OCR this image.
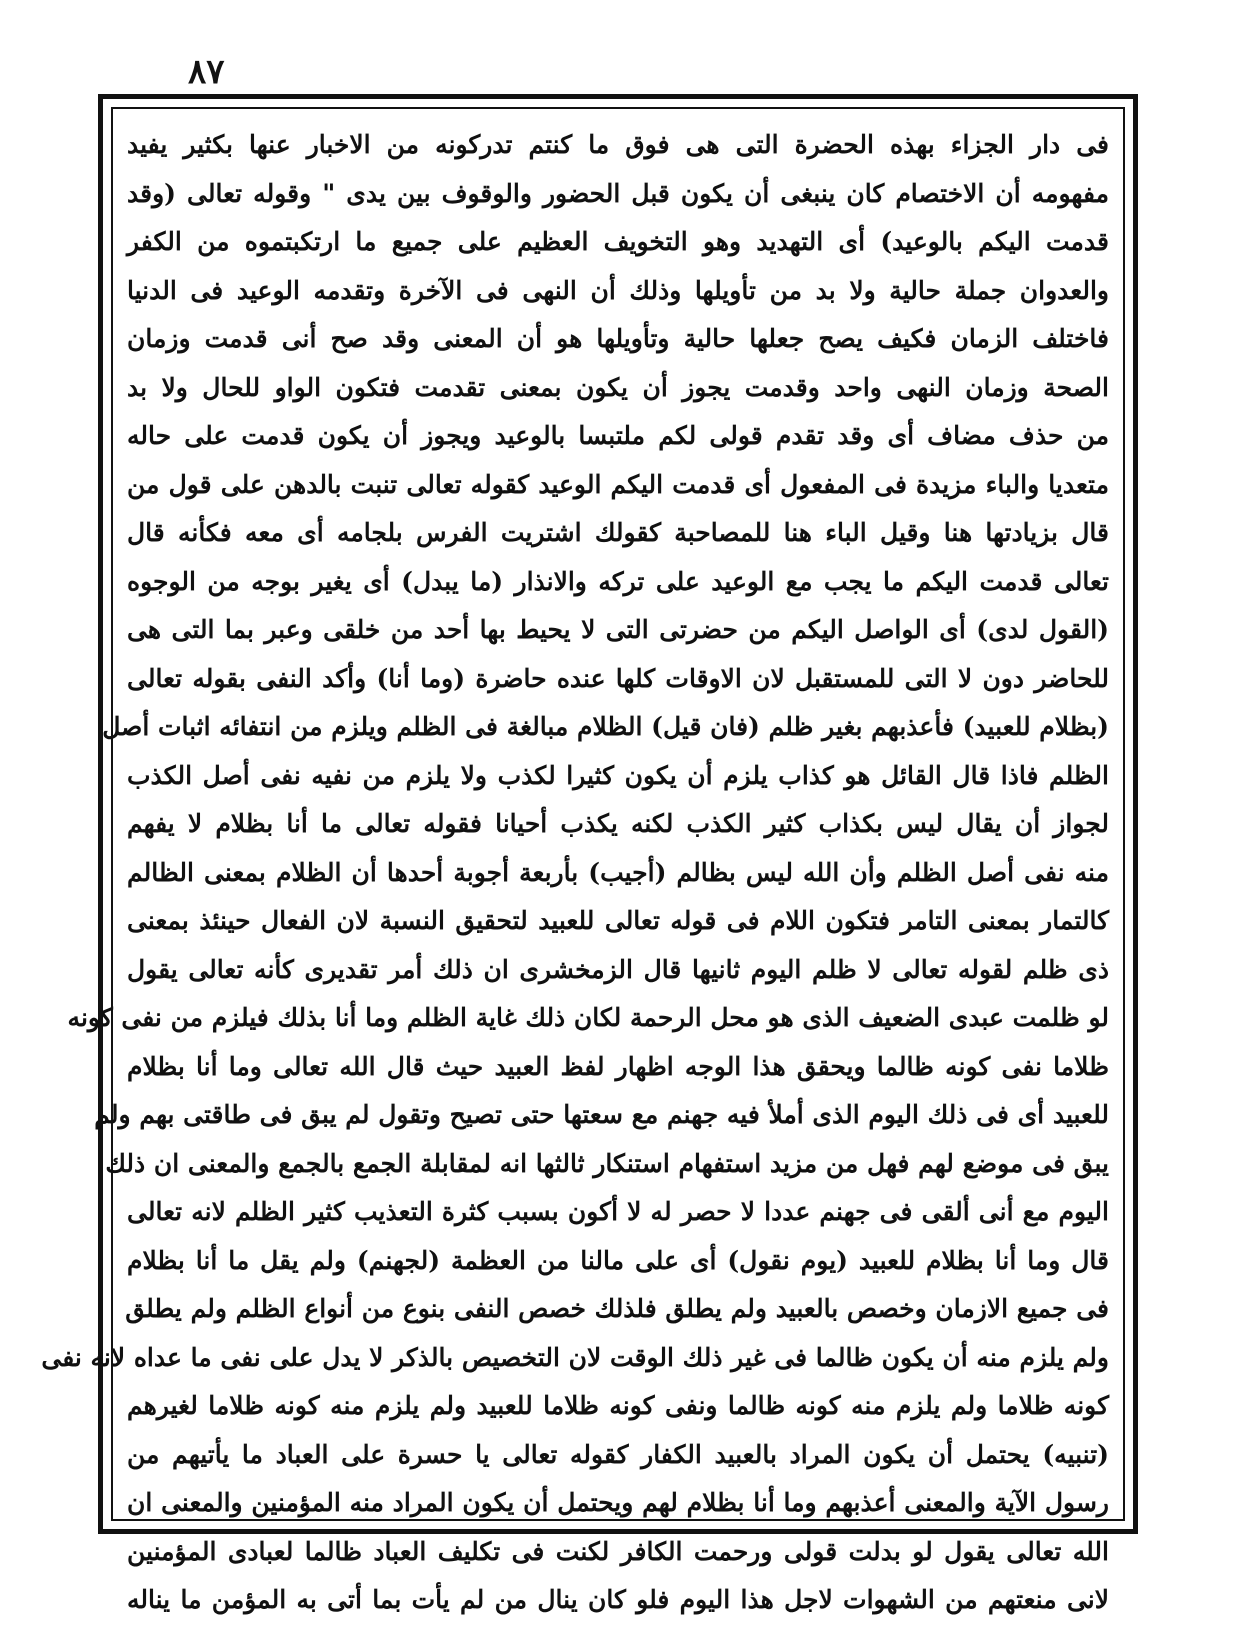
٨٧
فى دار الجزاء بهذه الحضرة التى هى فوق ما كنتم تدركونه من الاخبار عنها بكثير يفيد
مفهومه أن الاختصام كان ينبغى أن يكون قبل الحضور والوقوف بين يدى " وقوله تعالى (وقد
قدمت اليكم بالوعيد) أى التهديد وهو التخويف العظيم على جميع ما ارتكبتموه من الكفر
والعدوان جملة حالية ولا بد من تأويلها وذلك أن النهى فى الآخرة وتقدمه الوعيد فى الدنيا
فاختلف الزمان فكيف يصح جعلها حالية وتأويلها هو أن المعنى وقد صح أنى قدمت وزمان
الصحة وزمان النهى واحد وقدمت يجوز أن يكون بمعنى تقدمت فتكون الواو للحال ولا بد
من حذف مضاف أى وقد تقدم قولى لكم ملتبسا بالوعيد ويجوز أن يكون قدمت على حاله
متعديا والباء مزيدة فى المفعول أى قدمت اليكم الوعيد كقوله تعالى تنبت بالدهن على قول من
قال بزيادتها هنا وقيل الباء هنا للمصاحبة كقولك اشتريت الفرس بلجامه أى معه فكأنه قال
تعالى قدمت اليكم ما يجب مع الوعيد على تركه والانذار (ما يبدل) أى يغير بوجه من الوجوه
(القول لدى) أى الواصل اليكم من حضرتى التى لا يحيط بها أحد من خلقى وعبر بما التى هى
للحاضر دون لا التى للمستقبل لان الاوقات كلها عنده حاضرة (وما أنا) وأكد النفى بقوله تعالى
(بظلام للعبيد) فأعذبهم بغير ظلم (فان قيل) الظلام مبالغة فى الظلم ويلزم من انتفائه اثبات أصل
الظلم فاذا قال القائل هو كذاب يلزم أن يكون كثيرا لكذب ولا يلزم من نفيه نفى أصل الكذب
لجواز أن يقال ليس بكذاب كثير الكذب لكنه يكذب أحيانا فقوله تعالى ما أنا بظلام لا يفهم
منه نفى أصل الظلم وأن الله ليس بظالم (أجيب) بأربعة أجوبة أحدها أن الظلام بمعنى الظالم
كالتمار بمعنى التامر فتكون اللام فى قوله تعالى للعبيد لتحقيق النسبة لان الفعال حينئذ بمعنى
ذى ظلم لقوله تعالى لا ظلم اليوم ثانيها قال الزمخشرى ان ذلك أمر تقديرى كأنه تعالى يقول
لو ظلمت عبدى الضعيف الذى هو محل الرحمة لكان ذلك غاية الظلم وما أنا بذلك فيلزم من نفى كونه
ظلاما نفى كونه ظالما ويحقق هذا الوجه اظهار لفظ العبيد حيث قال الله تعالى وما أنا بظلام
للعبيد أى فى ذلك اليوم الذى أملأ فيه جهنم مع سعتها حتى تصيح وتقول لم يبق فى طاقتى بهم ولم
يبق فى موضع لهم فهل من مزيد استفهام استنكار ثالثها انه لمقابلة الجمع بالجمع والمعنى ان ذلك
اليوم مع أنى ألقى فى جهنم عددا لا حصر له لا أكون بسبب كثرة التعذيب كثير الظلم لانه تعالى
قال وما أنا بظلام للعبيد (يوم نقول) أى على مالنا من العظمة (لجهنم) ولم يقل ما أنا بظلام
فى جميع الازمان وخصص بالعبيد ولم يطلق فلذلك خصص النفى بنوع من أنواع الظلم ولم يطلق
ولم يلزم منه أن يكون ظالما فى غير ذلك الوقت لان التخصيص بالذكر لا يدل على نفى ما عداه لانه نفى
كونه ظلاما ولم يلزم منه كونه ظالما ونفى كونه ظلاما للعبيد ولم يلزم منه كونه ظلاما لغيرهم
(تنبيه) يحتمل أن يكون المراد بالعبيد الكفار كقوله تعالى يا حسرة على العباد ما يأتيهم من
رسول الآية والمعنى أعذبهم وما أنا بظلام لهم ويحتمل أن يكون المراد منه المؤمنين والمعنى ان
الله تعالى يقول لو بدلت قولى ورحمت الكافر لكنت فى تكليف العباد ظالما لعبادى المؤمنين
لانى منعتهم من الشهوات لاجل هذا اليوم فلو كان ينال من لم يأت بما أتى به المؤمن ما يناله
